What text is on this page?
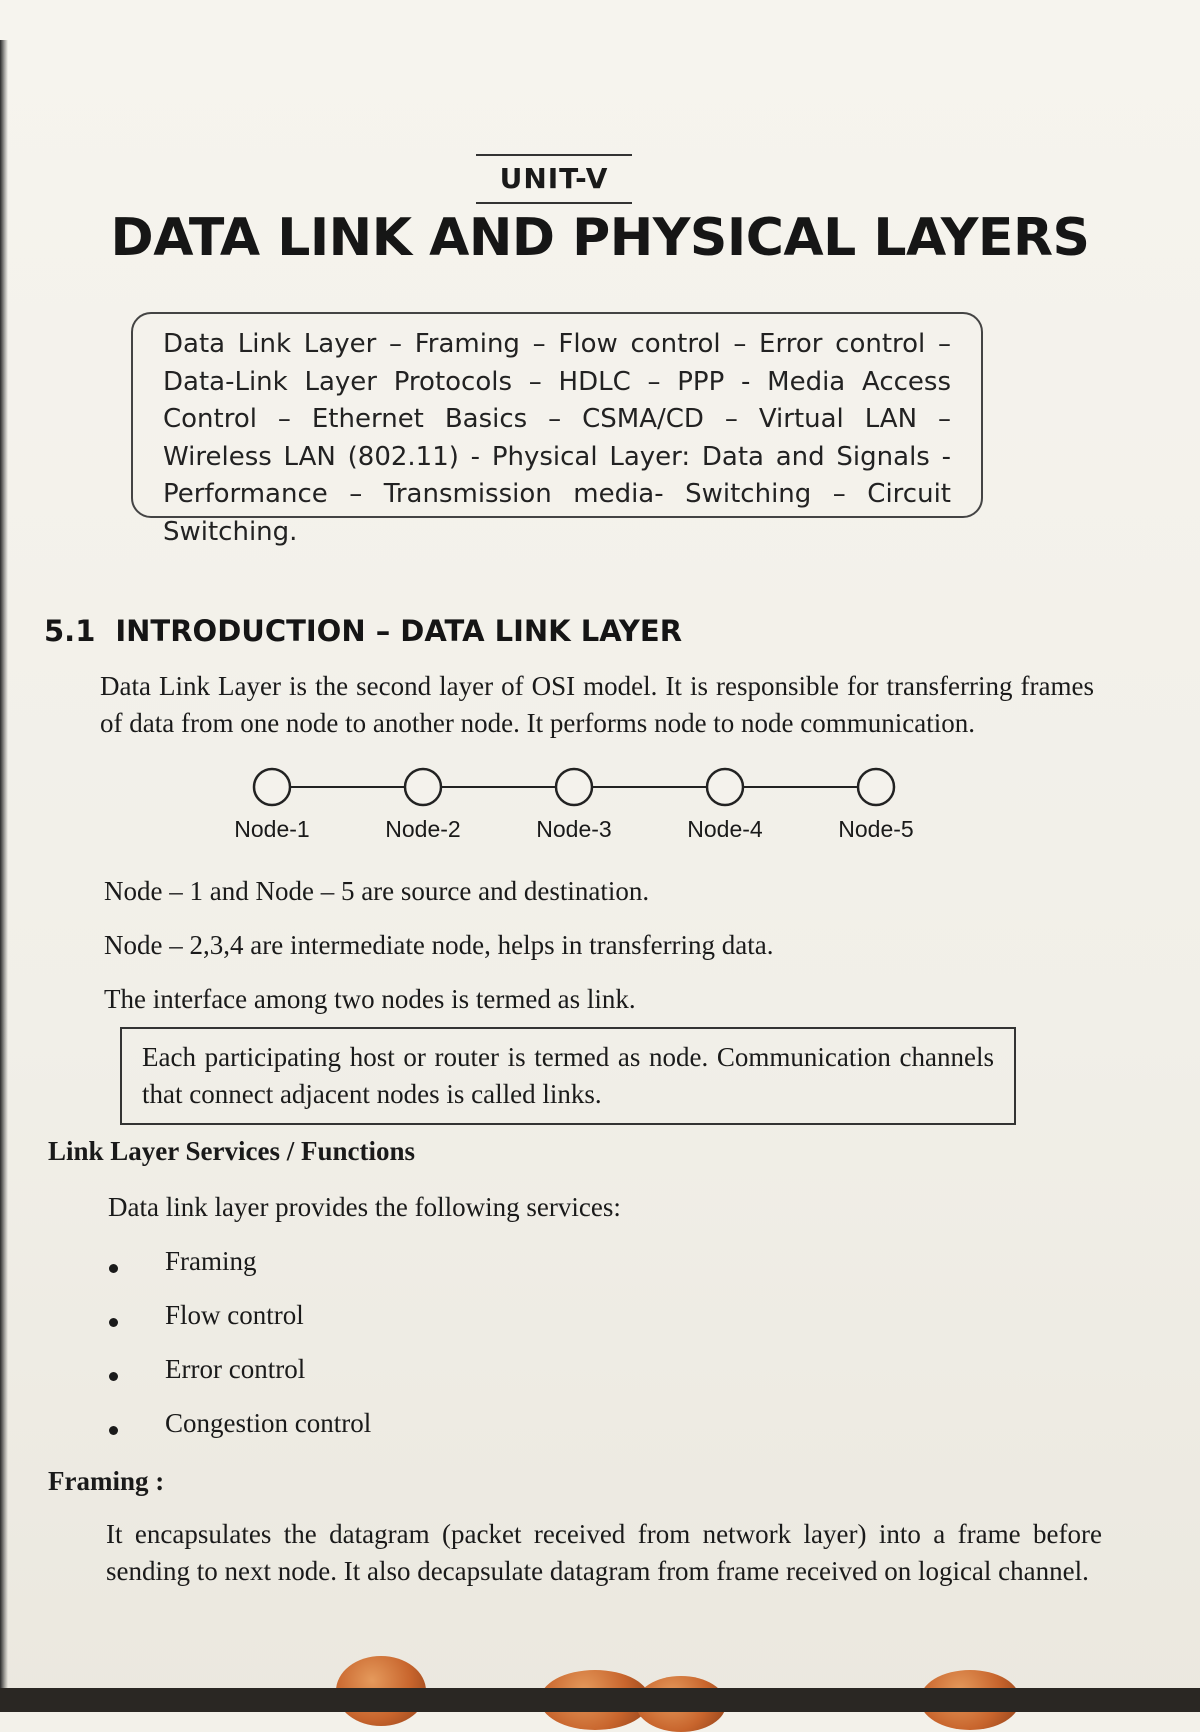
UNIT-V
DATA LINK AND PHYSICAL LAYERS
Data Link Layer – Framing – Flow control – Error control – Data-Link Layer Protocols – HDLC – PPP - Media Access Control – Ethernet Basics – CSMA/CD – Virtual LAN – Wireless LAN (802.11) - Physical Layer: Data and Signals - Performance – Transmission media- Switching – Circuit Switching.
5.1 INTRODUCTION – DATA LINK LAYER
Data Link Layer is the second layer of OSI model. It is responsible for transferring frames of data from one node to another node. It performs node to node communication.
Node-1	Node-2	Node-3	Node-4	Node-5
Node – 1 and Node – 5 are source and destination.
Node – 2,3,4 are intermediate node, helps in transferring data.
The interface among two nodes is termed as link.
Each participating host or router is termed as node. Communication channels that connect adjacent nodes is called links.
Link Layer Services / Functions
Data link layer provides the following services:
Framing
Flow control
Error control
Congestion control
Framing :
It encapsulates the datagram (packet received from network layer) into a frame before sending to next node. It also decapsulate datagram from frame received on logical channel.
